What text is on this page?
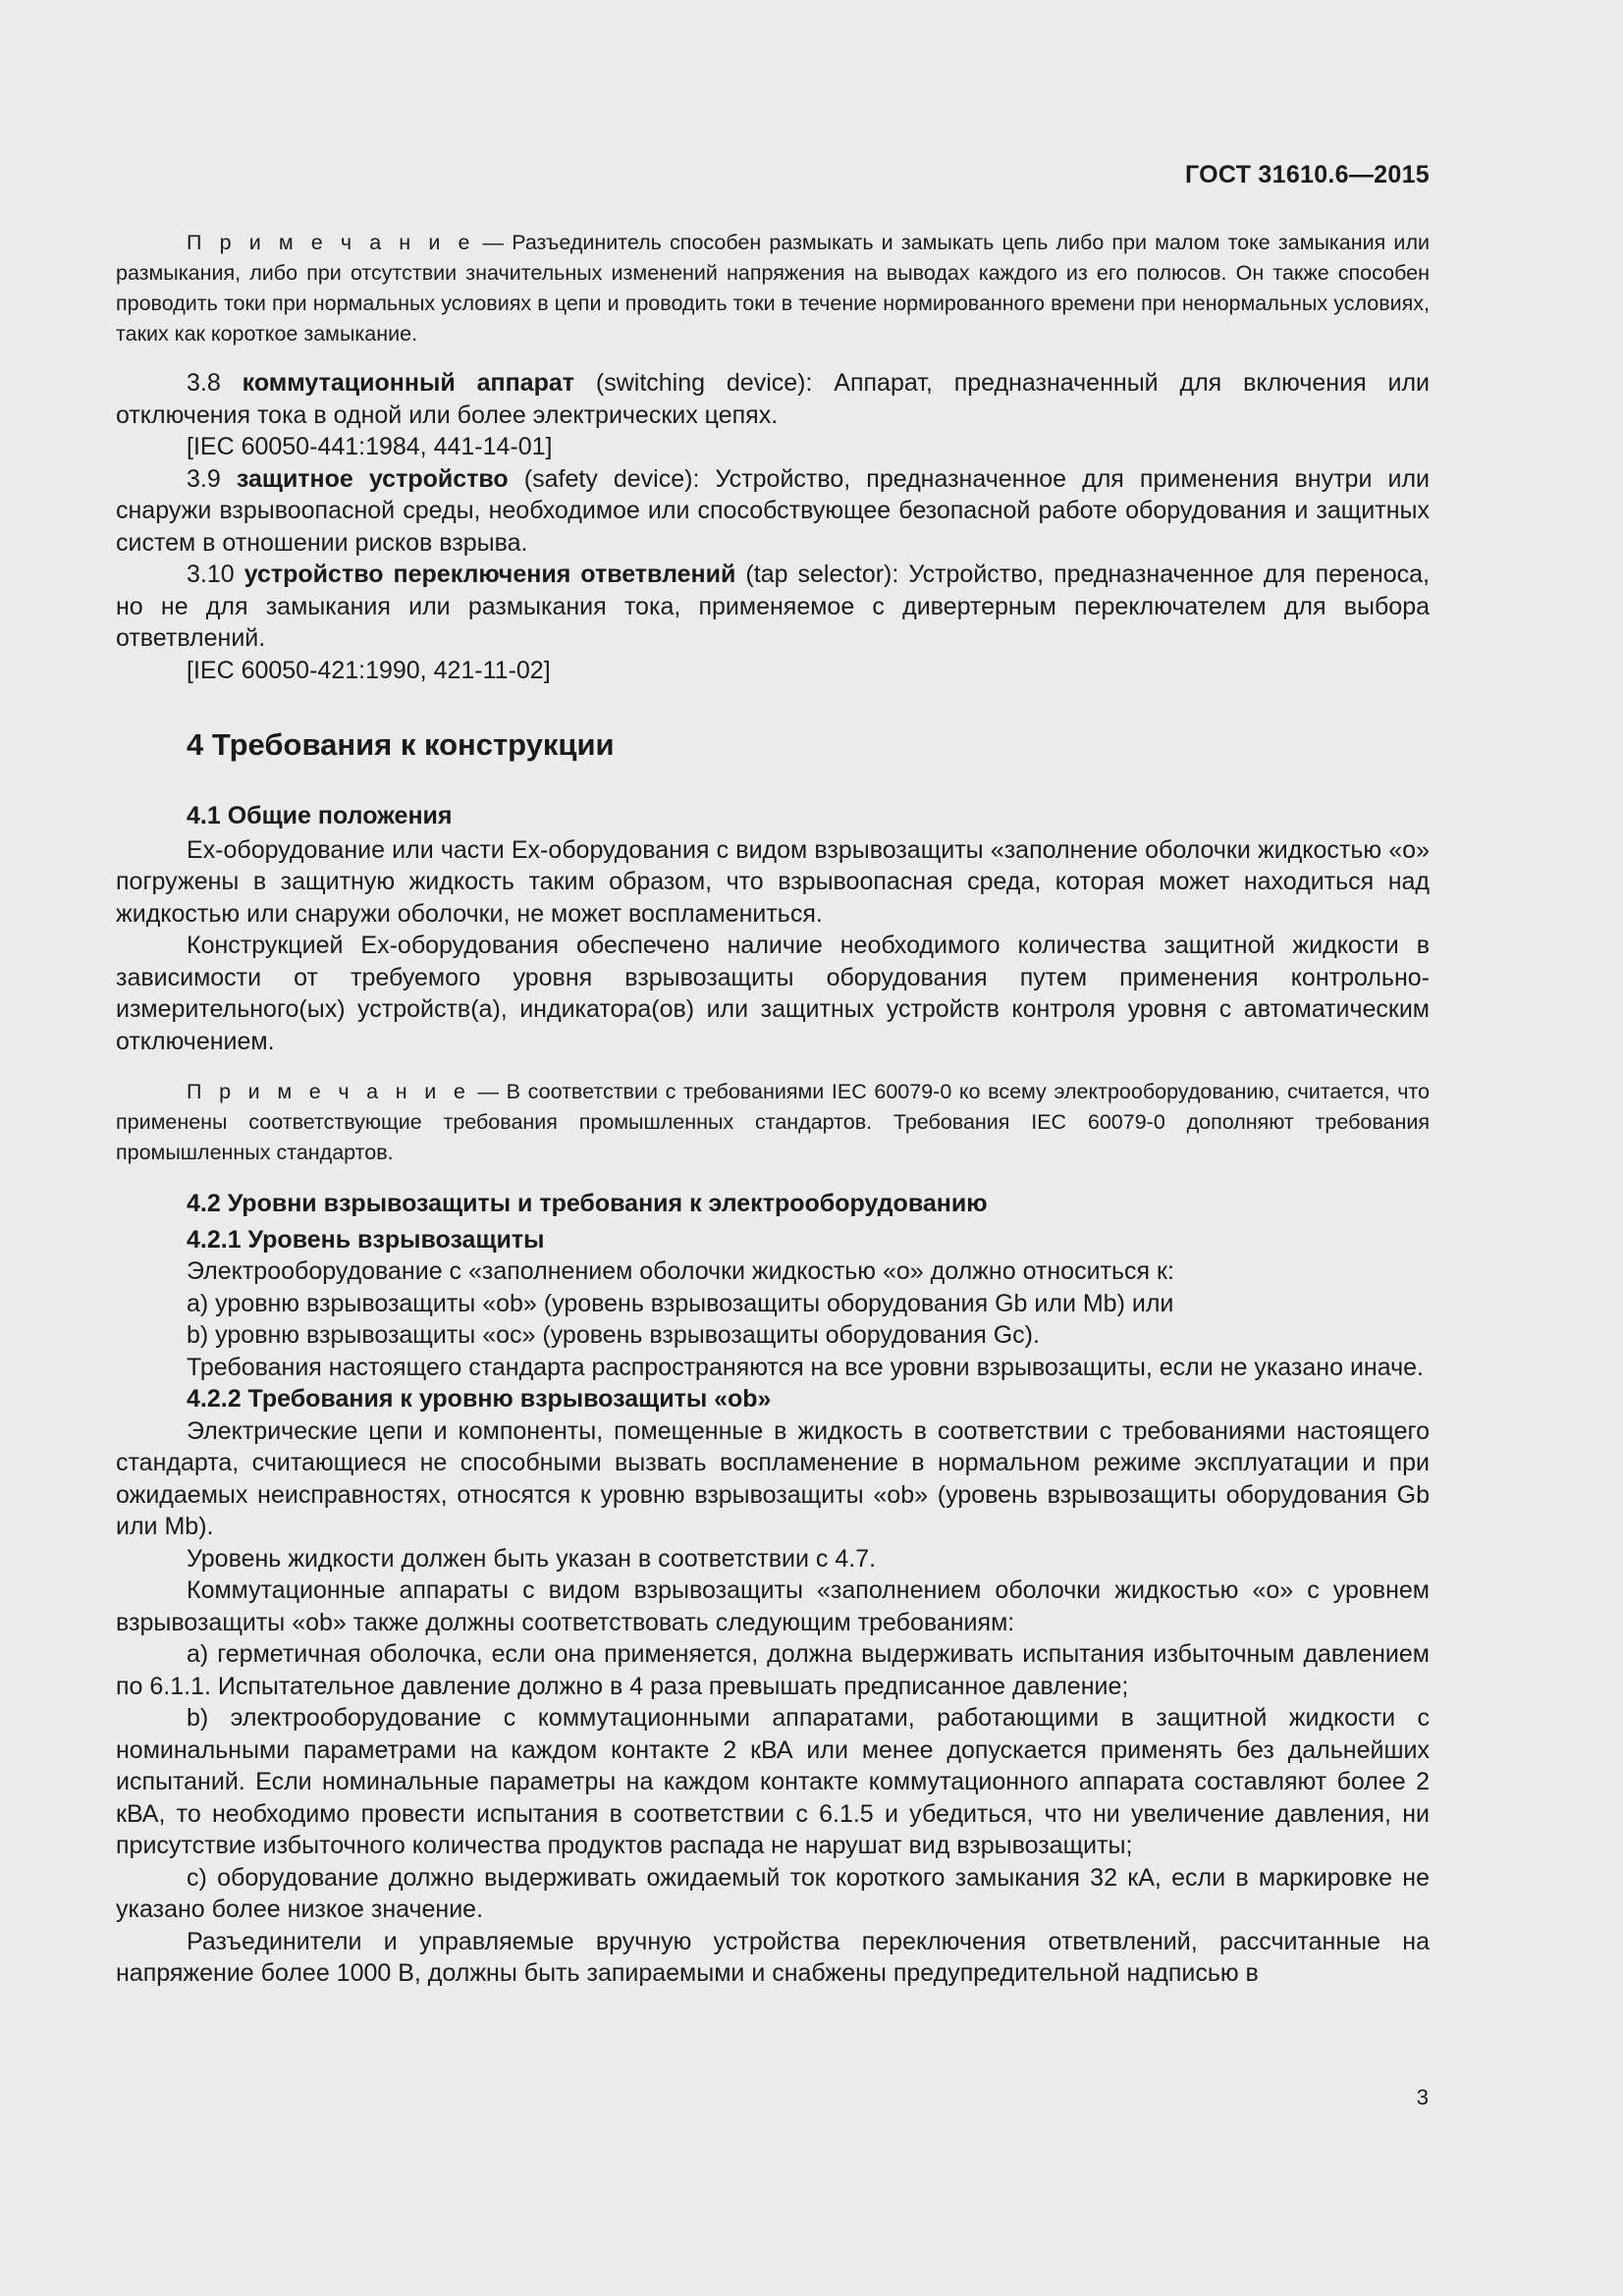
ГОСТ 31610.6—2015

П р и м е ч а н и е — Разъединитель способен размыкать и замыкать цепь либо при малом токе замыкания или размыкания, либо при отсутствии значительных изменений напряжения на выводах каждого из его полюсов. Он также способен проводить токи при нормальных условиях в цепи и проводить токи в течение нормированного времени при ненормальных условиях, таких как короткое замыкание.

3.8 коммутационный аппарат (switching device): Аппарат, предназначенный для включения или отключения тока в одной или более электрических цепях.

[IEC 60050-441:1984, 441-14-01]

3.9 защитное устройство (safety device): Устройство, предназначенное для применения внутри или снаружи взрывоопасной среды, необходимое или способствующее безопасной работе оборудования и защитных систем в отношении рисков взрыва.

3.10 устройство переключения ответвлений (tap selector): Устройство, предназначенное для переноса, но не для замыкания или размыкания тока, применяемое с дивертерным переключателем для выбора ответвлений.

[IEC 60050-421:1990, 421-11-02]

4 Требования к конструкции

4.1 Общие положения

Ex-оборудование или части Ex-оборудования с видом взрывозащиты «заполнение оболочки жидкостью «о» погружены в защитную жидкость таким образом, что взрывоопасная среда, которая может находиться над жидкостью или снаружи оболочки, не может воспламениться.

Конструкцией Ex-оборудования обеспечено наличие необходимого количества защитной жидкости в зависимости от требуемого уровня взрывозащиты оборудования путем применения контрольно-измерительного(ых) устройств(а), индикатора(ов) или защитных устройств контроля уровня с автоматическим отключением.

П р и м е ч а н и е — В соответствии с требованиями IEC 60079-0 ко всему электрооборудованию, считается, что применены соответствующие требования промышленных стандартов. Требования IEC 60079-0 дополняют требования промышленных стандартов.

4.2 Уровни взрывозащиты и требования к электрооборудованию

4.2.1 Уровень взрывозащиты

Электрооборудование с «заполнением оболочки жидкостью «о» должно относиться к:

a) уровню взрывозащиты «ob» (уровень взрывозащиты оборудования Gb или Mb) или

b) уровню взрывозащиты «ос» (уровень взрывозащиты оборудования Gc).

Требования настоящего стандарта распространяются на все уровни взрывозащиты, если не указано иначе.

4.2.2 Требования к уровню взрывозащиты «ob»

Электрические цепи и компоненты, помещенные в жидкость в соответствии с требованиями настоящего стандарта, считающиеся не способными вызвать воспламенение в нормальном режиме эксплуатации и при ожидаемых неисправностях, относятся к уровню взрывозащиты «ob» (уровень взрывозащиты оборудования Gb или Mb).

Уровень жидкости должен быть указан в соответствии с 4.7.

Коммутационные аппараты с видом взрывозащиты «заполнением оболочки жидкостью «о» с уровнем взрывозащиты «ob» также должны соответствовать следующим требованиям:

a) герметичная оболочка, если она применяется, должна выдерживать испытания избыточным давлением по 6.1.1. Испытательное давление должно в 4 раза превышать предписанное давление;

b) электрооборудование с коммутационными аппаратами, работающими в защитной жидкости с номинальными параметрами на каждом контакте 2 кВА или менее допускается применять без дальнейших испытаний. Если номинальные параметры на каждом контакте коммутационного аппарата составляют более 2 кВА, то необходимо провести испытания в соответствии с 6.1.5 и убедиться, что ни увеличение давления, ни присутствие избыточного количества продуктов распада не нарушат вид взрывозащиты;

c) оборудование должно выдерживать ожидаемый ток короткого замыкания 32 кА, если в маркировке не указано более низкое значение.

Разъединители и управляемые вручную устройства переключения ответвлений, рассчитанные на напряжение более 1000 В, должны быть запираемыми и снабжены предупредительной надписью в

3
